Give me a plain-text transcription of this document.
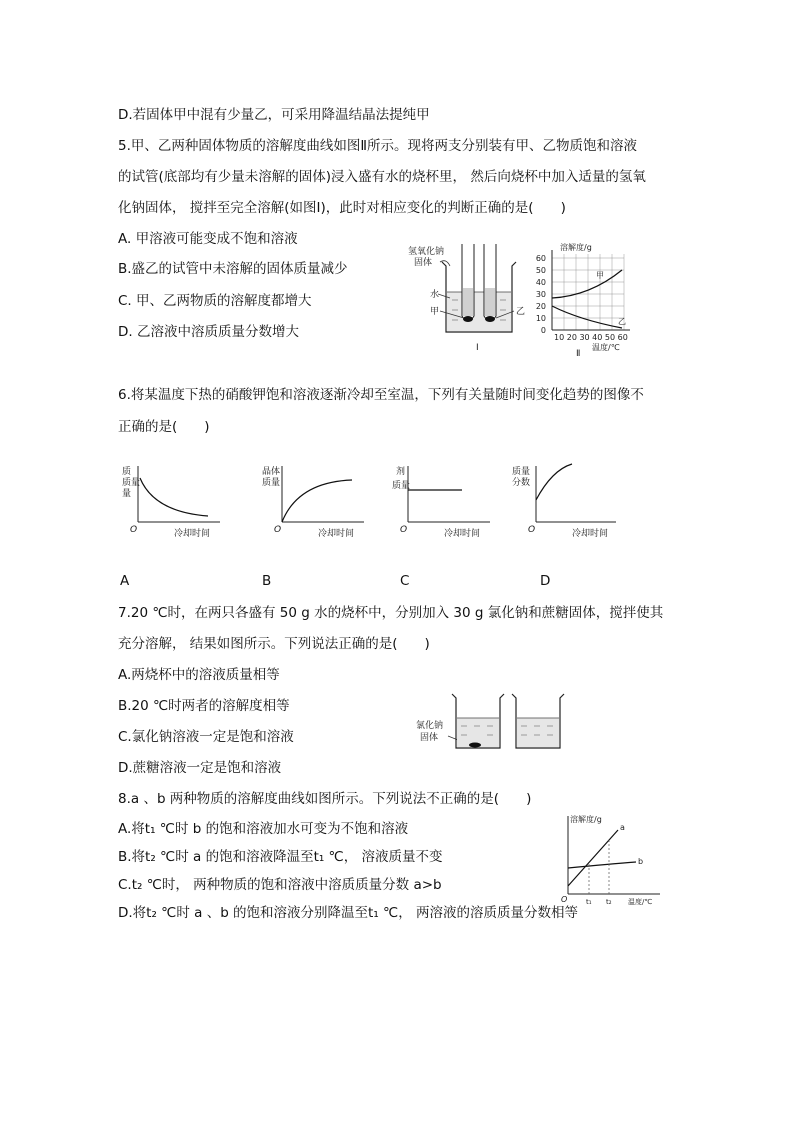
D.若固体甲中混有少量乙，可采用降温结晶法提纯甲
5.甲、乙两种固体物质的溶解度曲线如图Ⅱ所示。现将两支分别装有甲、乙物质饱和溶液
的试管(底部均有少量未溶解的固体)浸入盛有水的烧杯里， 然后向烧杯中加入适量的氢氧
化钠固体， 搅拌至完全溶解(如图Ⅰ)，此时对相应变化的判断正确的是(　　)
A. 甲溶液可能变成不饱和溶液
B.盛乙的试管中未溶解的固体质量减少
C. 甲、乙两物质的溶解度都增大
D. 乙溶液中溶质质量分数增大
氢氧化钠
固体
水
甲	乙
Ⅰ
溶解度/g
60
50
40
30
20
10
0
甲
乙
10 20 30 40 50 60
温度/℃
Ⅱ
6.将某温度下热的硝酸钾饱和溶液逐渐冷却至室温，下列有关量随时间变化趋势的图像不
正确的是(　　)
质
质量
量
O	冷却时间
晶体
质量
O	冷却时间
剂
质量
O	冷却时间
质量
分数
O	冷却时间
A	B	C	D
7.20 ℃时，在两只各盛有 50 g 水的烧杯中，分别加入 30 g 氯化钠和蔗糖固体，搅拌使其
充分溶解， 结果如图所示。下列说法正确的是(　　)
A.两烧杯中的溶液质量相等
B.20 ℃时两者的溶解度相等
C.氯化钠溶液一定是饱和溶液
D.蔗糖溶液一定是饱和溶液
氯化钠
固体
8.a 、b 两种物质的溶解度曲线如图所示。下列说法不正确的是(　　)
A.将t₁ ℃时 b 的饱和溶液加水可变为不饱和溶液
B.将t₂ ℃时 a 的饱和溶液降温至t₁ ℃， 溶液质量不变
C.t₂ ℃时， 两种物质的饱和溶液中溶质质量分数 a>b
D.将t₂ ℃时 a 、b 的饱和溶液分别降温至t₁ ℃， 两溶液的溶质质量分数相等
溶解度/g
a
b
O	t₁ t₂ 温度/℃
